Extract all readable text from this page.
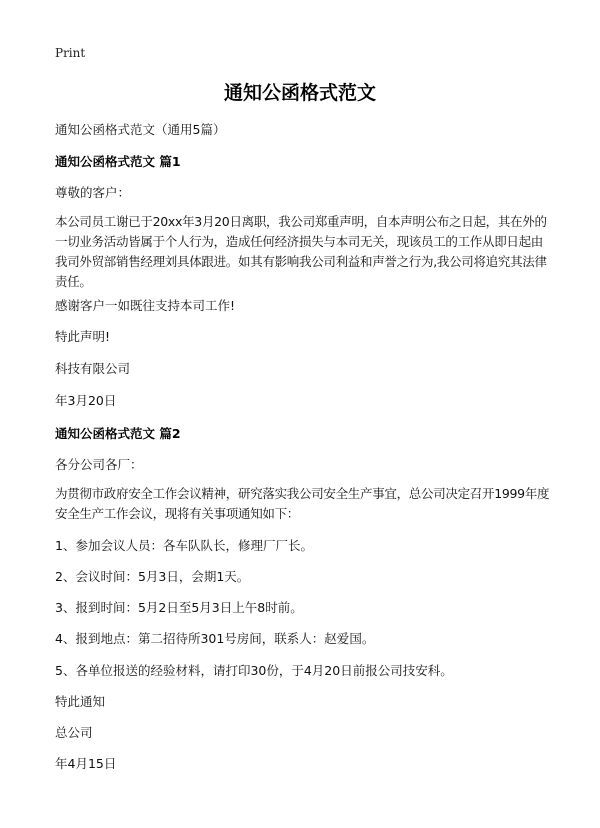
Print
通知公函格式范文
通知公函格式范文（通用5篇）
通知公函格式范文 篇1
尊敬的客户：
本公司员工谢已于20xx年3月20日离职，我公司郑重声明，自本声明公布之日起，其在外的一切业务活动皆属于个人行为，造成任何经济损失与本司无关，现该员工的工作从即日起由我司外贸部销售经理刘具体跟进。如其有影响我公司利益和声誉之行为,我公司将追究其法律责任。
感谢客户一如既往支持本司工作!
特此声明!
科技有限公司
年3月20日
通知公函格式范文 篇2
各分公司各厂：
为贯彻市政府安全工作会议精神，研究落实我公司安全生产事宜，总公司决定召开1999年度 安全生产工作会议，现将有关事项通知如下：
1、参加会议人员：各车队队长，修理厂厂长。
2、会议时间：5月3日，会期1天。
3、报到时间：5月2日至5月3日上午8时前。
4、报到地点：第二招待所301号房间，联系人：赵爱国。
5、各单位报送的经验材料，请打印30份，于4月20日前报公司技安科。
特此通知
总公司
年4月15日
